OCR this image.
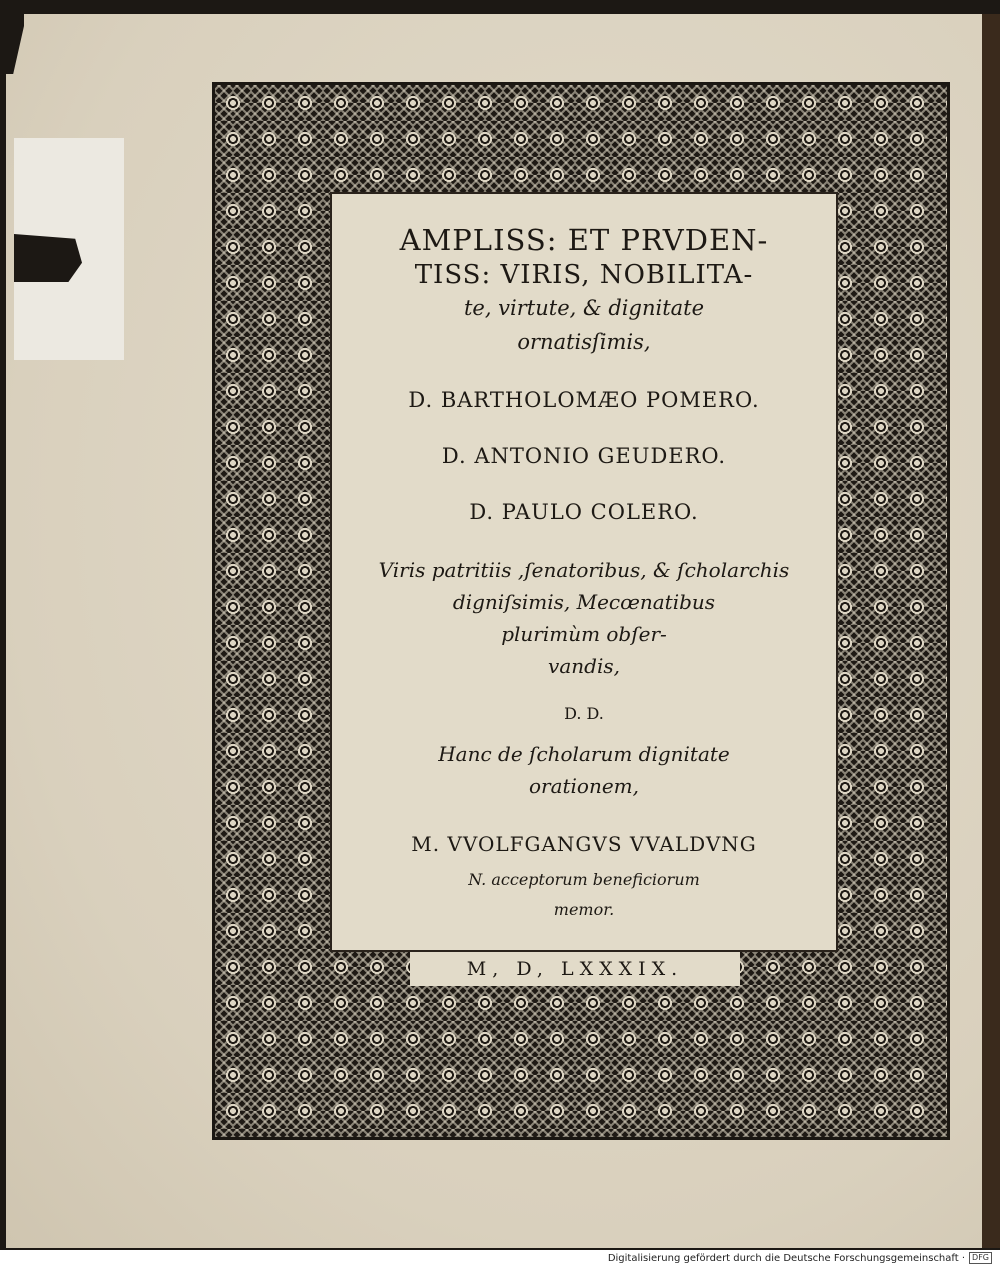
M, D, LXXXIX.
AMPLISS: ET PRVDEN-
TISS: VIRIS, NOBILITA-
te, virtute, & dignitate
ornatisſimis,
D. BARTHOLOMÆO POMERO.
D. ANTONIO GEUDERO.
D. PAULO COLERO.
Viris patritiis ,ſenatoribus, & ſcholarchis
digniſsimis, Mecœnatibus
plurimùm obſer-
vandis,
D. D.
Hanc de ſcholarum dignitate
orationem,
M. VVOLFGANGVS VVALDVNG
N. acceptorum beneficiorum
memor.
Digitalisierung gefördert durch die Deutsche Forschungsgemeinschaft · DFG
